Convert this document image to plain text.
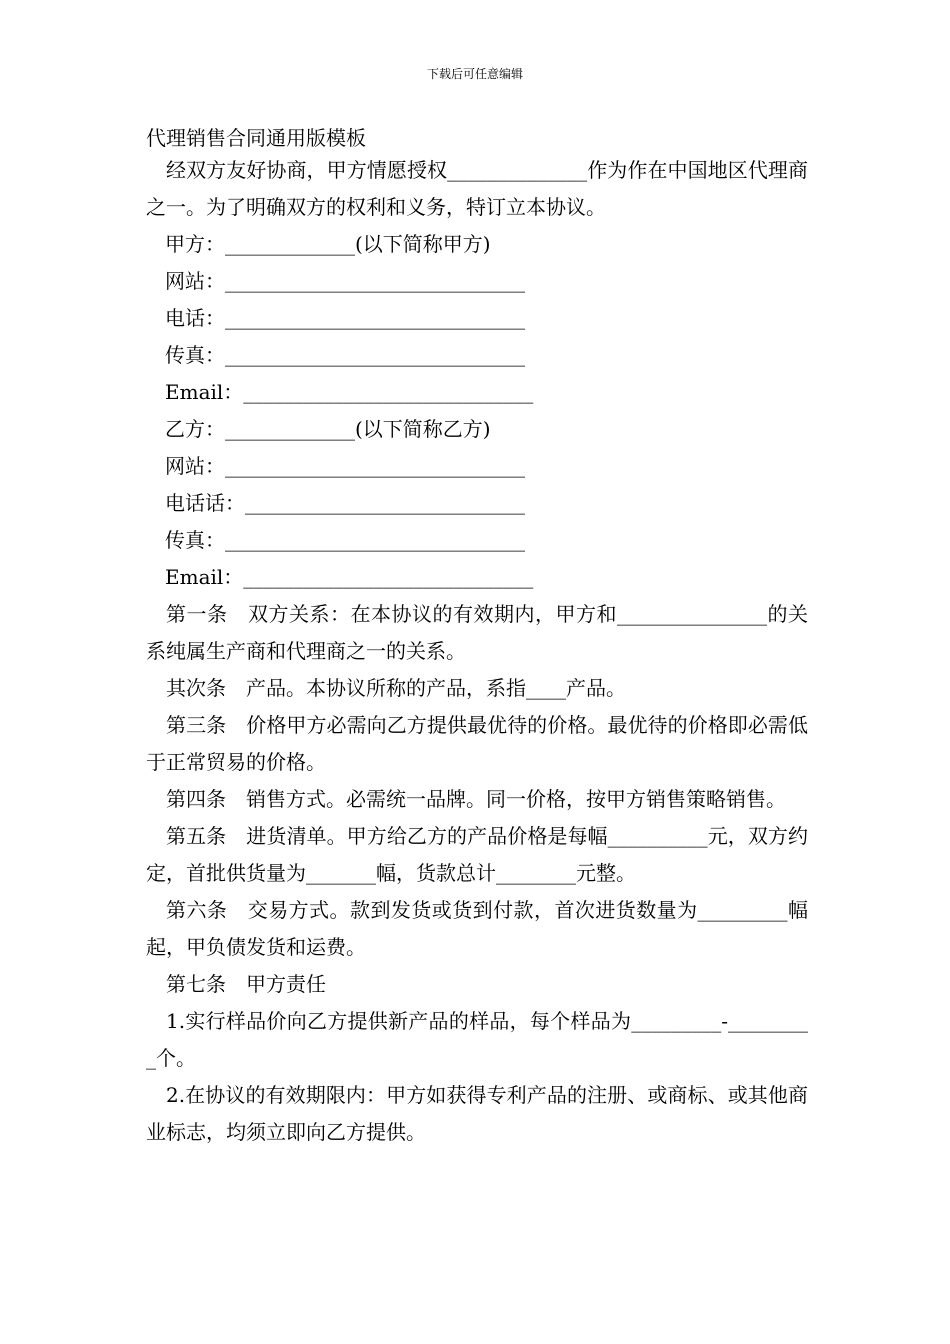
下载后可任意编辑
代理销售合同通用版模板

经双方友好协商，甲方情愿授权______________作为作在中国地区代理商之一。为了明确双方的权利和义务，特订立本协议。

甲方：_____________(以下简称甲方)

网站：______________________________

电话：______________________________

传真：______________________________

Email：_____________________________

乙方：_____________(以下简称乙方)

网站：______________________________

电话话：____________________________

传真：______________________________

Email：_____________________________

第一条　双方关系：在本协议的有效期内，甲方和_______________的关系纯属生产商和代理商之一的关系。

其次条　产品。本协议所称的产品，系指____产品。

第三条　价格甲方必需向乙方提供最优待的价格。最优待的价格即必需低于正常贸易的价格。

第四条　销售方式。必需统一品牌。同一价格，按甲方销售策略销售。

第五条　进货清单。甲方给乙方的产品价格是每幅__________元，双方约定，首批供货量为_______幅，货款总计________元整。

第六条　交易方式。款到发货或货到付款，首次进货数量为_________幅起，甲负债发货和运费。

第七条　甲方责任

1.实行样品价向乙方提供新产品的样品，每个样品为_________-_________个。

2.在协议的有效期限内：甲方如获得专利产品的注册、或商标、或其他商业标志，均须立即向乙方提供。
